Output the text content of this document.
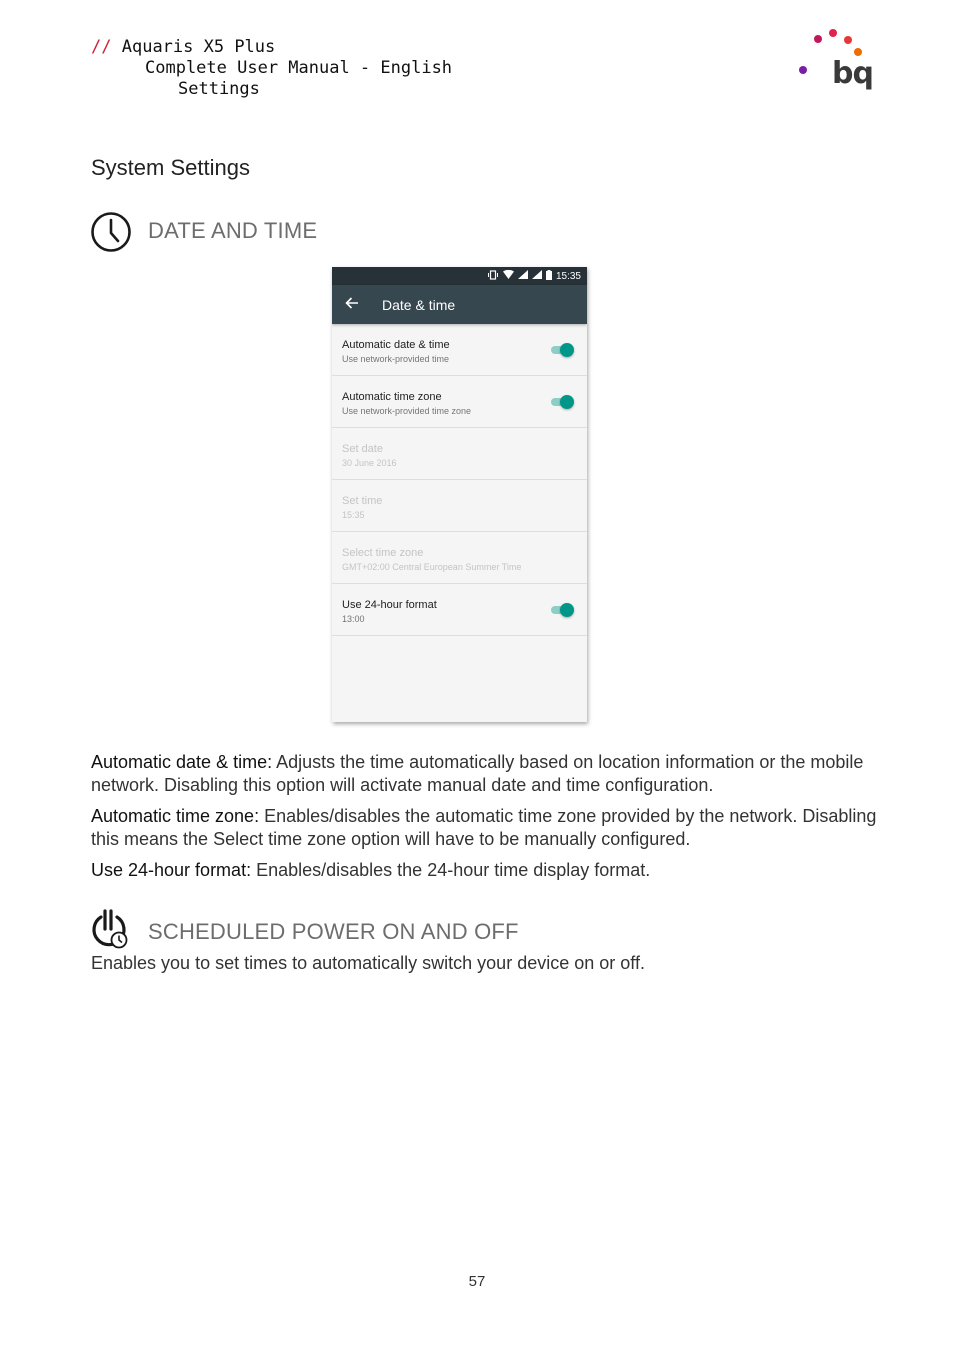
// Aquaris X5 Plus
Complete User Manual - English
Settings	bq
System Settings
DATE AND TIME
15:35
Date & time
Automatic date & time
Use network-provided time
Automatic time zone
Use network-provided time zone
Set date
30 June 2016
Set time
15:35
Select time zone
GMT+02:00 Central European Summer Time
Use 24-hour format
13:00
Automatic date & time: Adjusts the time automatically based on location information or the mobile network. Disabling this option will activate manual date and time configuration.
Automatic time zone: Enables/disables the automatic time zone provided by the network. Disabling this means the Select time zone option will have to be manually configured.
Use 24-hour format: Enables/disables the 24-hour time display format.
SCHEDULED POWER ON AND OFF
Enables you to set times to automatically switch your device on or off.
57
